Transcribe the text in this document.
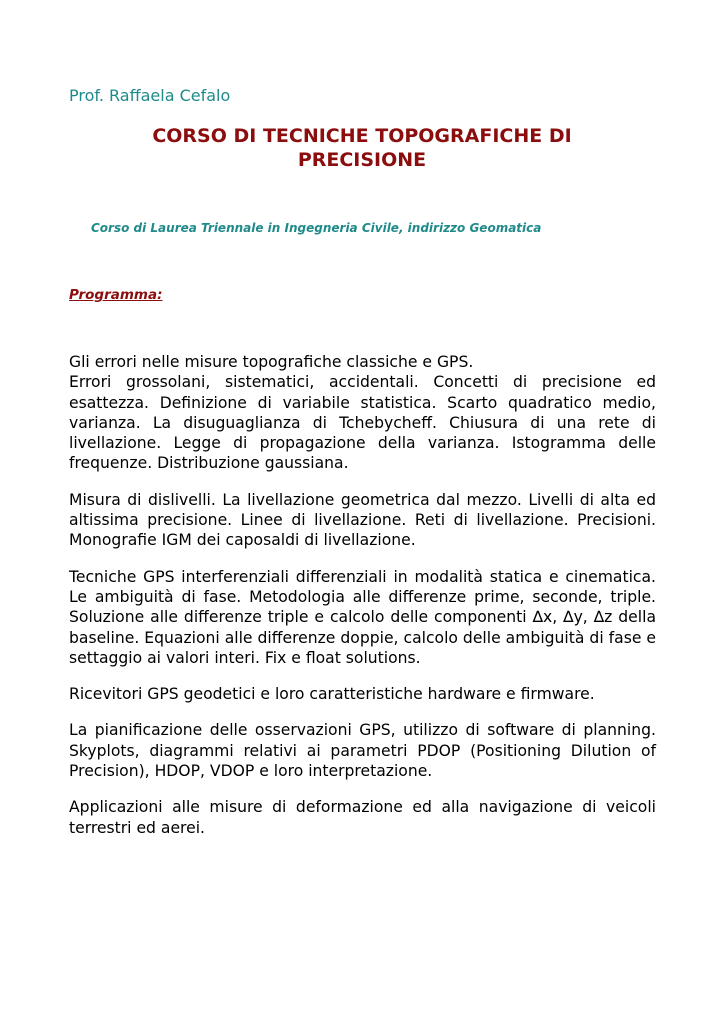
Prof. Raffaela Cefalo
CORSO DI TECNICHE TOPOGRAFICHE DI
PRECISIONE
Corso di Laurea Triennale in Ingegneria Civile, indirizzo Geomatica
Programma:

Gli errori nelle misure topografiche classiche e GPS.
Errori grossolani, sistematici, accidentali. Concetti di precisione ed esattezza. Definizione di variabile statistica. Scarto quadratico medio, varianza. La disuguaglianza di Tchebycheff. Chiusura di una rete di livellazione. Legge di propagazione della varianza. Istogramma delle frequenze. Distribuzione gaussiana.

Misura di dislivelli. La livellazione geometrica dal mezzo. Livelli di alta ed altissima precisione. Linee di livellazione. Reti di livellazione. Precisioni. Monografie IGM dei caposaldi di livellazione.

Tecniche GPS interferenziali differenziali in modalità statica e cinematica. Le ambiguità di fase. Metodologia alle differenze prime, seconde, triple. Soluzione alle differenze triple e calcolo delle componenti ∆x, ∆y, ∆z della baseline. Equazioni alle differenze doppie, calcolo delle ambiguità di fase e settaggio ai valori interi. Fix e float solutions.

Ricevitori GPS geodetici e loro caratteristiche hardware e firmware.

La pianificazione delle osservazioni GPS, utilizzo di software di planning. Skyplots, diagrammi relativi ai parametri PDOP (Positioning Dilution of Precision), HDOP, VDOP e loro interpretazione.

Applicazioni alle misure di deformazione ed alla navigazione di veicoli terrestri ed aerei.
